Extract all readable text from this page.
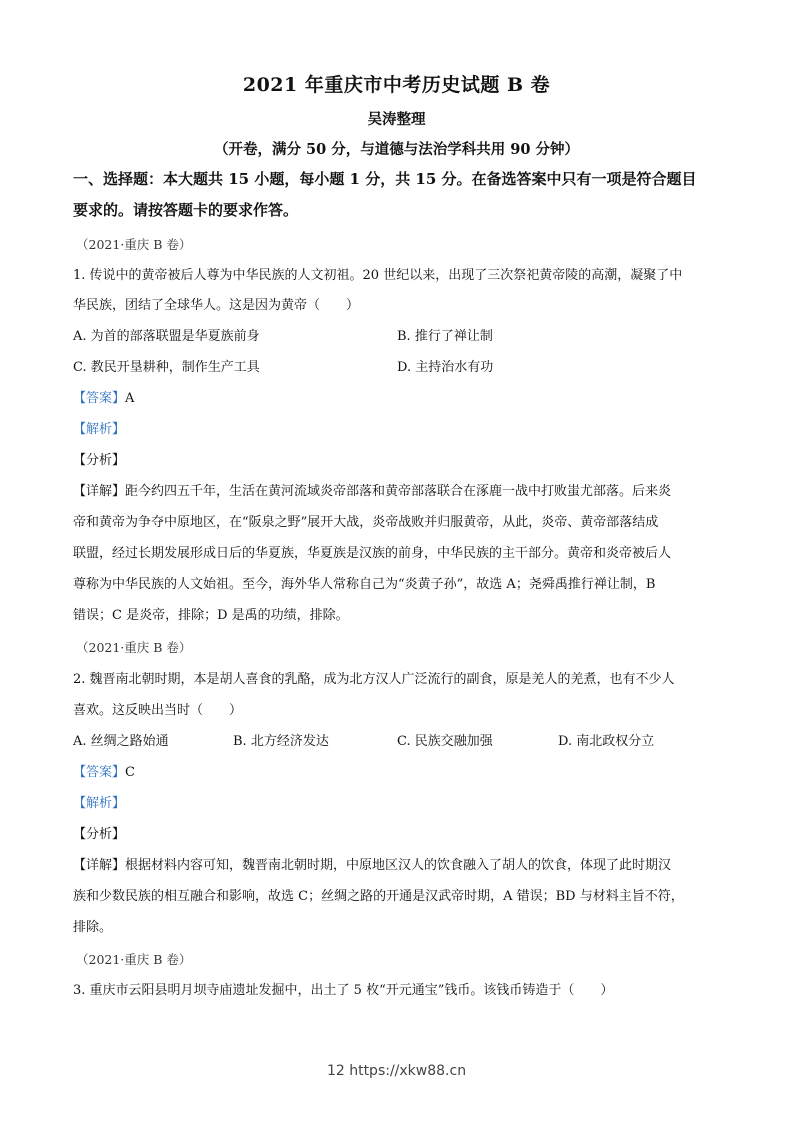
2021 年重庆市中考历史试题 B 卷
吴涛整理
（开卷，满分 50 分，与道德与法治学科共用 90 分钟）
一、选择题：本大题共 15 小题，每小题 1 分，共 15 分。在备选答案中只有一项是符合题目
要求的。请按答题卡的要求作答。
（2021·重庆 B 卷）
1. 传说中的黄帝被后人尊为中华民族的人文初祖。20 世纪以来，出现了三次祭祀黄帝陵的高潮，凝聚了中
华民族，团结了全球华人。这是因为黄帝（　　）
A. 为首的部落联盟是华夏族前身	B. 推行了禅让制
C. 教民开垦耕种，制作生产工具	D. 主持治水有功
【答案】A
【解析】
【分析】
【详解】距今约四五千年，生活在黄河流域炎帝部落和黄帝部落联合在涿鹿一战中打败蚩尤部落。后来炎
帝和黄帝为争夺中原地区，在“阪泉之野”展开大战，炎帝战败并归服黄帝，从此，炎帝、黄帝部落结成
联盟，经过长期发展形成日后的华夏族，华夏族是汉族的前身，中华民族的主干部分。黄帝和炎帝被后人
尊称为中华民族的人文始祖。至今，海外华人常称自己为“炎黄子孙”，故选 A；尧舜禹推行禅让制，B
错误；C 是炎帝，排除；D 是禹的功绩，排除。
（2021·重庆 B 卷）
2. 魏晋南北朝时期，本是胡人喜食的乳酪，成为北方汉人广泛流行的副食，原是羌人的羌煮，也有不少人
喜欢。这反映出当时（　　）
A. 丝绸之路始通	B. 北方经济发达	C. 民族交融加强	D. 南北政权分立
【答案】C
【解析】
【分析】
【详解】根据材料内容可知，魏晋南北朝时期，中原地区汉人的饮食融入了胡人的饮食，体现了此时期汉
族和少数民族的相互融合和影响，故选 C；丝绸之路的开通是汉武帝时期，A 错误；BD 与材料主旨不符，
排除。
（2021·重庆 B 卷）
3. 重庆市云阳县明月坝寺庙遗址发掘中，出土了 5 枚“开元通宝”钱币。该钱币铸造于（　　）
12 https://xkw88.cn
